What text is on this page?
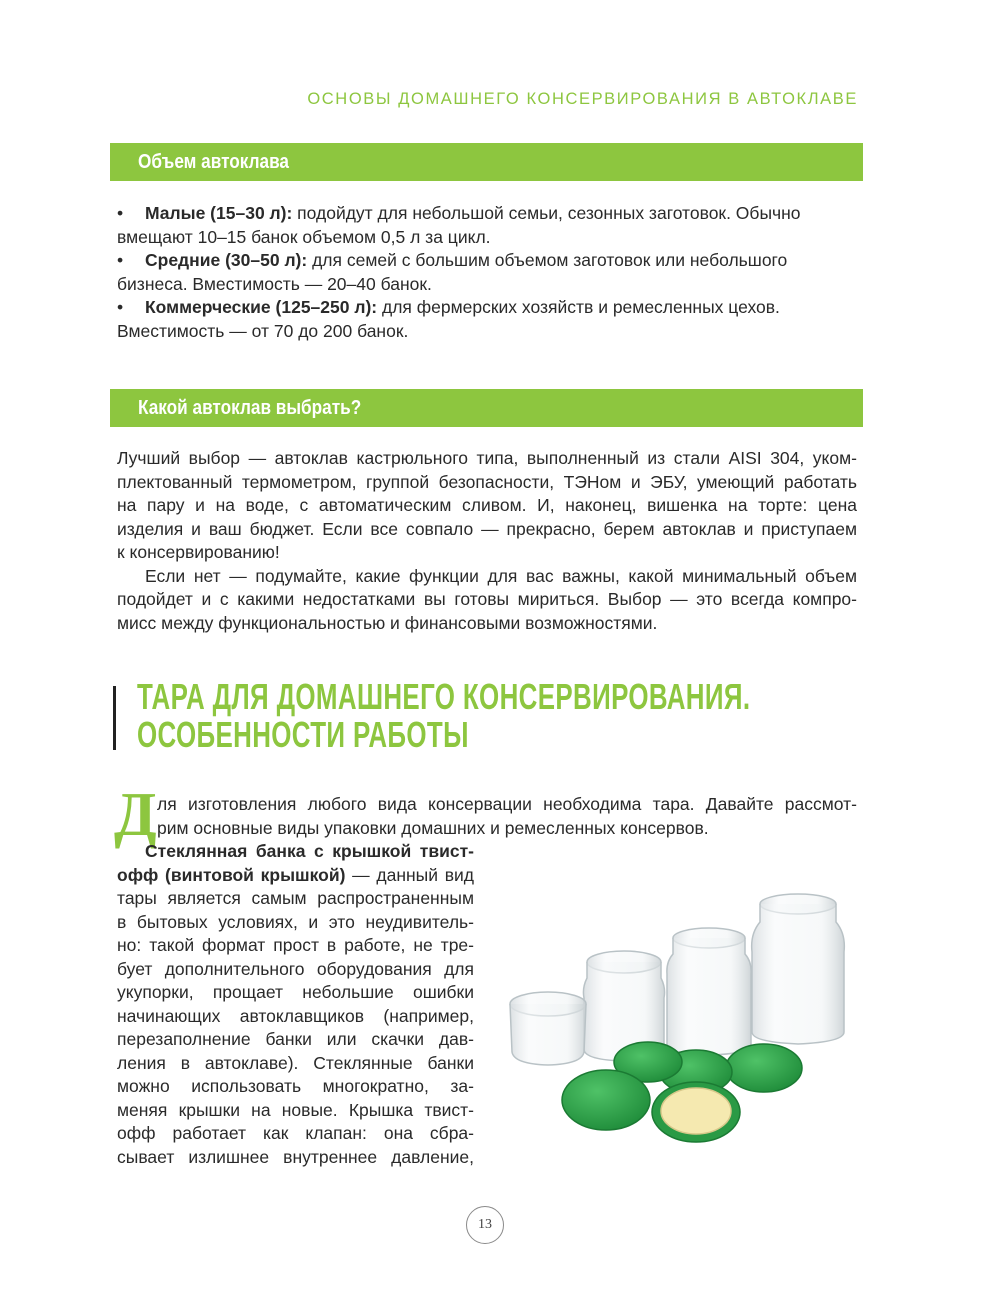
ОСНОВЫ ДОМАШНЕГО КОНСЕРВИРОВАНИЯ В АВТОКЛАВЕ
Объем автоклава
• Малые (15–30 л): подойдут для небольшой семьи, сезонных заготовок. Обычно
вмещают 10–15 банок объемом 0,5 л за цикл.
• Средние (30–50 л): для семей с большим объемом заготовок или небольшого
бизнеса. Вместимость — 20–40 банок.
• Коммерческие (125–250 л): для фермерских хозяйств и ремесленных цехов.
Вместимость — от 70 до 200 банок.
Какой автоклав выбрать?
Лучший выбор — автоклав кастрюльного типа, выполненный из стали AISI 304, уком-
плектованный термометром, группой безопасности, ТЭНом и ЭБУ, умеющий работать
на пару и на воде, с автоматическим сливом. И, наконец, вишенка на торте: цена
изделия и ваш бюджет. Если все совпало — прекрасно, берем автоклав и приступаем
к консервированию!
Если нет — подумайте, какие функции для вас важны, какой минимальный объем
подойдет и с какими недостатками вы готовы мириться. Выбор — это всегда компро-
мисс между функциональностью и финансовыми возможностями.
ТАРА ДЛЯ ДОМАШНЕГО КОНСЕРВИРОВАНИЯ.
ОСОБЕННОСТИ РАБОТЫ
Д ля изготовления любого вида консервации необходима тара. Давайте рассмот-
рим основные виды упаковки домашних и ремесленных консервов.
Стеклянная банка с крышкой твист-
офф (винтовой крышкой) — данный вид
тары является самым распространенным
в бытовых условиях, и это неудивитель-
но: такой формат прост в работе, не тре-
бует дополнительного оборудования для
укупорки, прощает небольшие ошибки
начинающих автоклавщиков (например,
перезаполнение банки или скачки дав-
ления в автоклаве). Стеклянные банки
можно использовать многократно, за-
меняя крышки на новые. Крышка твист-
офф работает как клапан: она сбра-
сывает излишнее внутреннее давление,
13
